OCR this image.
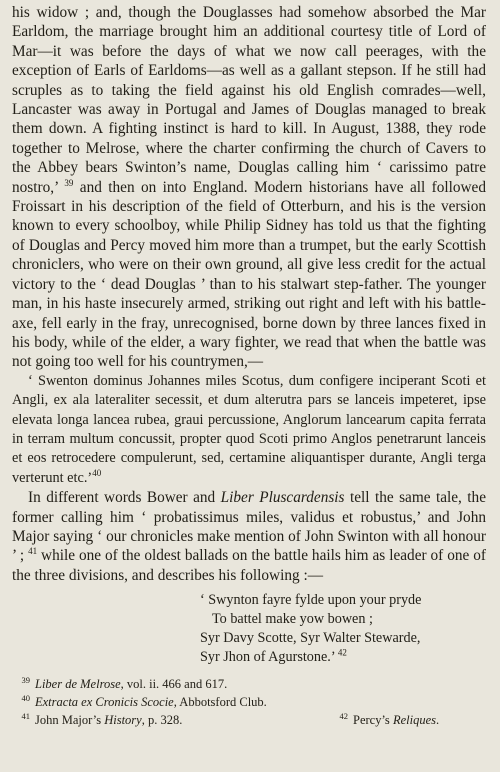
his widow ; and, though the Douglasses had somehow absorbed the Mar Earldom, the marriage brought him an additional courtesy title of Lord of Mar—it was before the days of what we now call peerages, with the exception of Earls of Earldoms—as well as a gallant stepson. If he still had scruples as to taking the field against his old English comrades—well, Lancaster was away in Portugal and James of Douglas managed to break them down. A fighting instinct is hard to kill. In August, 1388, they rode together to Melrose, where the charter confirming the church of Cavers to the Abbey bears Swinton’s name, Douglas calling him ‘ carissimo patre nostro,’ $^{39}$ and then on into England. Modern historians have all followed Froissart in his description of the field of Otterburn, and his is the version known to every schoolboy, while Philip Sidney has told us that the fighting of Douglas and Percy moved him more than a trumpet, but the early Scottish chroniclers, who were on their own ground, all give less credit for the actual victory to the ‘ dead Douglas ’ than to his stalwart step-father. The younger man, in his haste insecurely armed, striking out right and left with his battle-axe, fell early in the fray, unrecognised, borne down by three lances fixed in his body, while of the elder, a wary fighter, we read that when the battle was not going too well for his countrymen,—

‘ Swenton dominus Johannes miles Scotus, dum configere inciperant Scoti et Angli, ex ala lateraliter secessit, et dum alterutra pars se lanceis impeteret, ipse elevata longa lancea rubea, graui percussione, Anglorum lancearum capita ferrata in terram multum concussit, propter quod Scoti primo Anglos penetrarunt lanceis et eos retrocedere compulerunt, sed, certamine aliquantisper durante, Angli terga verterunt etc.’$^{40}$

In different words Bower and Liber Pluscardensis tell the same tale, the former calling him ‘ probatissimus miles, validus et robustus,’ and John Major saying ‘ our chronicles make mention of John Swinton with all honour ’ ; $^{41}$ while one of the oldest ballads on the battle hails him as leader of one of the three divisions, and describes his following :—

‘ Swynton fayre fylde upon your pryde
To battel make yow bowen ;
Syr Davy Scotte, Syr Walter Stewarde,
Syr Jhon of Agurstone.’ $^{42}$
39 Liber de Melrose, vol. ii. 466 and 617.
40 Extracta ex Cronicis Scocie, Abbotsford Club.
41 John Major’s History, p. 328.	42 Percy’s Reliques.
